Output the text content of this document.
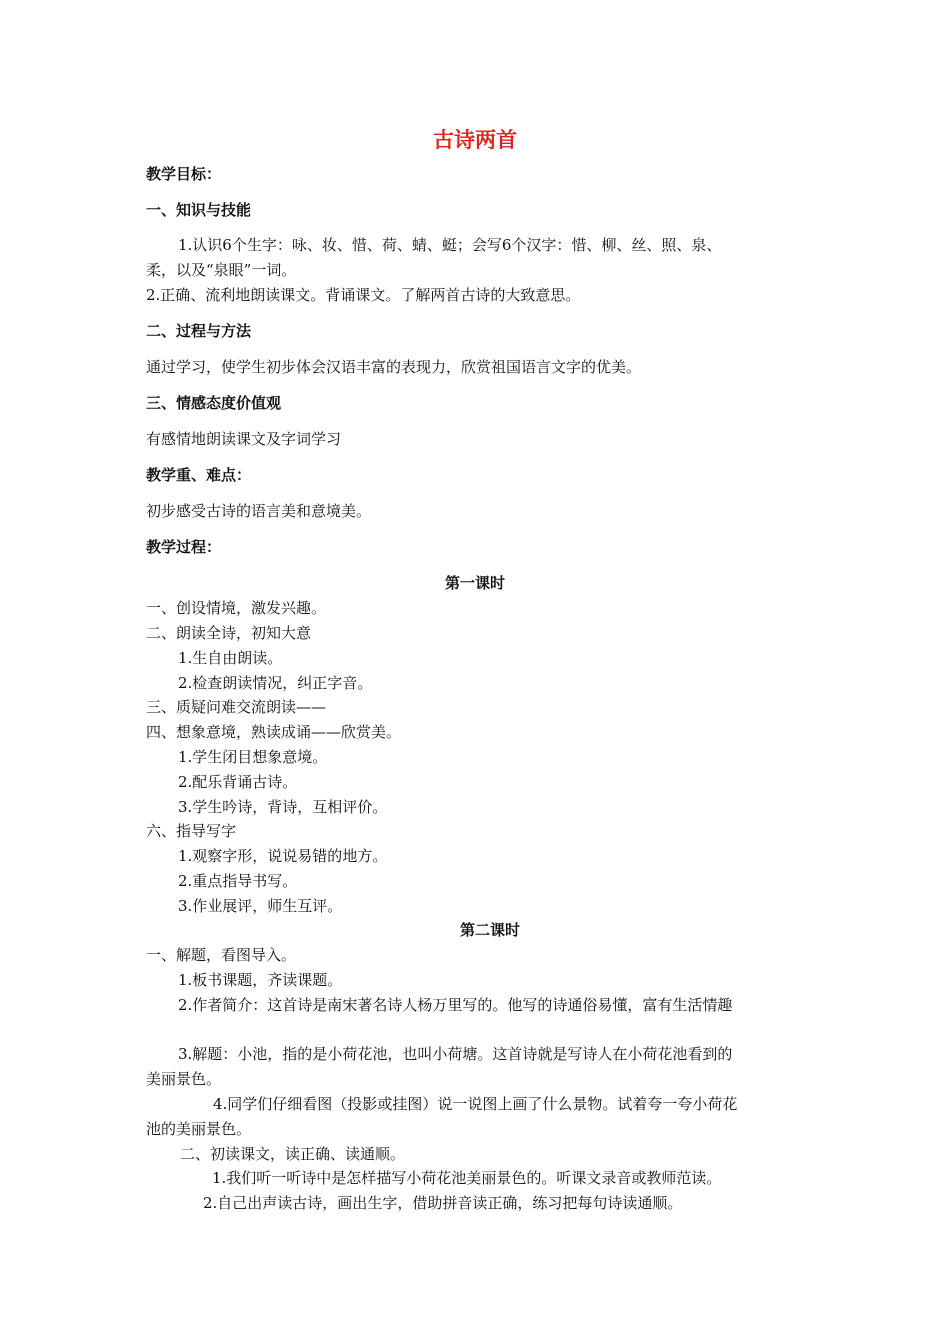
古诗两首
教学目标：
一、知识与技能
1.认识6个生字：咏、妆、惜、荷、蜻、蜓；会写6个汉字：惜、柳、丝、照、泉、
柔，以及“泉眼”一词。
2.正确、流利地朗读课文。背诵课文。了解两首古诗的大致意思。
二、过程与方法
通过学习，使学生初步体会汉语丰富的表现力，欣赏祖国语言文字的优美。
三、情感态度价值观
有感情地朗读课文及字词学习
教学重、难点：
初步感受古诗的语言美和意境美。
教学过程：
第一课时
一、创设情境，激发兴趣。
二、朗读全诗，初知大意
1.生自由朗读。
2.检查朗读情况，纠正字音。
三、质疑问难交流朗读——
四、想象意境，熟读成诵——欣赏美。
1.学生闭目想象意境。
2.配乐背诵古诗。
3.学生吟诗，背诗，互相评价。
六、指导写字
1.观察字形，说说易错的地方。
2.重点指导书写。
3.作业展评，师生互评。
第二课时
一、解题，看图导入。
1.板书课题，齐读课题。
2.作者简介：这首诗是南宋著名诗人杨万里写的。他写的诗通俗易懂，富有生活情趣
3.解题：小池，指的是小荷花池，也叫小荷塘。这首诗就是写诗人在小荷花池看到的
美丽景色。
4.同学们仔细看图（投影或挂图）说一说图上画了什么景物。试着夸一夸小荷花
池的美丽景色。
二、初读课文，读正确、读通顺。
1.我们听一听诗中是怎样描写小荷花池美丽景色的。听课文录音或教师范读。
2.自己出声读古诗，画出生字，借助拼音读正确，练习把每句诗读通顺。
